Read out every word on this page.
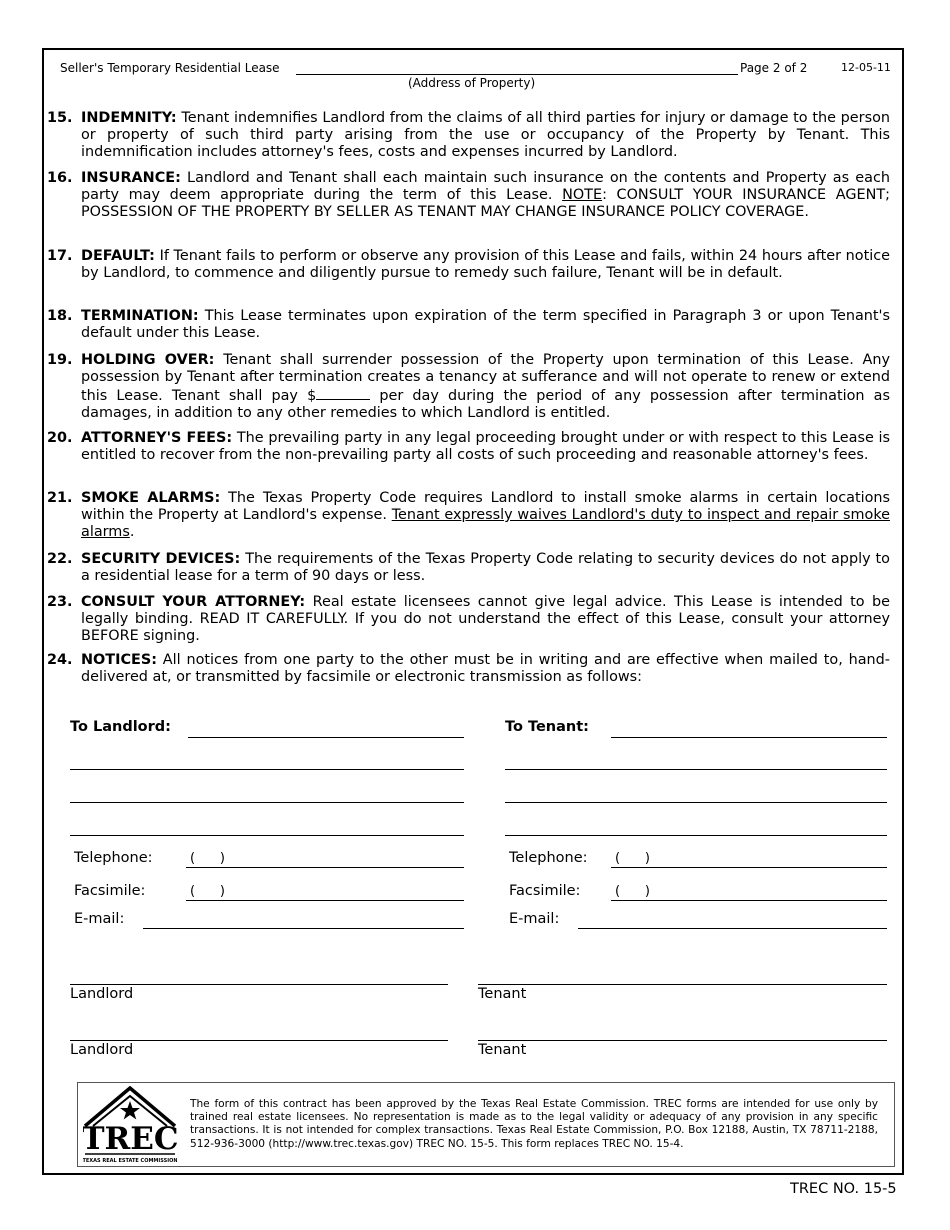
Seller's Temporary Residential Lease
(Address of Property)
Page 2 of 2	12-05-11
15. INDEMNITY: Tenant indemnifies Landlord from the claims of all third parties for injury or damage to the person or property of such third party arising from the use or occupancy of the Property by Tenant. This indemnification includes attorney's fees, costs and expenses incurred by Landlord.
16. INSURANCE: Landlord and Tenant shall each maintain such insurance on the contents and Property as each party may deem appropriate during the term of this Lease. NOTE: CONSULT YOUR INSURANCE AGENT; POSSESSION OF THE PROPERTY BY SELLER AS TENANT MAY CHANGE INSURANCE POLICY COVERAGE.
17. DEFAULT: If Tenant fails to perform or observe any provision of this Lease and fails, within 24 hours after notice by Landlord, to commence and diligently pursue to remedy such failure, Tenant will be in default.
18. TERMINATION: This Lease terminates upon expiration of the term specified in Paragraph 3 or upon Tenant's default under this Lease.
19. HOLDING OVER: Tenant shall surrender possession of the Property upon termination of this Lease. Any possession by Tenant after termination creates a tenancy at sufferance and will not operate to renew or extend this Lease. Tenant shall pay $	per day during the period of any possession after termination as damages, in addition to any other remedies to which Landlord is entitled.
20. ATTORNEY'S FEES: The prevailing party in any legal proceeding brought under or with respect to this Lease is entitled to recover from the non-prevailing party all costs of such proceeding and reasonable attorney's fees.
21. SMOKE ALARMS: The Texas Property Code requires Landlord to install smoke alarms in certain locations within the Property at Landlord's expense. Tenant expressly waives Landlord's duty to inspect and repair smoke alarms.
22. SECURITY DEVICES: The requirements of the Texas Property Code relating to security devices do not apply to a residential lease for a term of 90 days or less.
23. CONSULT YOUR ATTORNEY: Real estate licensees cannot give legal advice. This Lease is intended to be legally binding. READ IT CAREFULLY. If you do not understand the effect of this Lease, consult your attorney BEFORE signing.
24. NOTICES: All notices from one party to the other must be in writing and are effective when mailed to, hand-delivered at, or transmitted by facsimile or electronic transmission as follows:
To Landlord:
Telephone:	(      )
Facsimile:	(      )
E-mail:
To Tenant:
Telephone: (      )
Facsimile:	(      )
E-mail:
Landlord	Tenant
Landlord	Tenant
TREC
TEXAS REAL ESTATE COMMISSION
The form of this contract has been approved by the Texas Real Estate Commission. TREC forms are intended for use only by trained real estate licensees. No representation is made as to the legal validity or adequacy of any provision in any specific transactions. It is not intended for complex transactions. Texas Real Estate Commission, P.O. Box 12188, Austin, TX 78711-2188, 512-936-3000 (http://www.trec.texas.gov) TREC NO. 15-5. This form replaces TREC NO. 15-4.
TREC NO. 15-5
